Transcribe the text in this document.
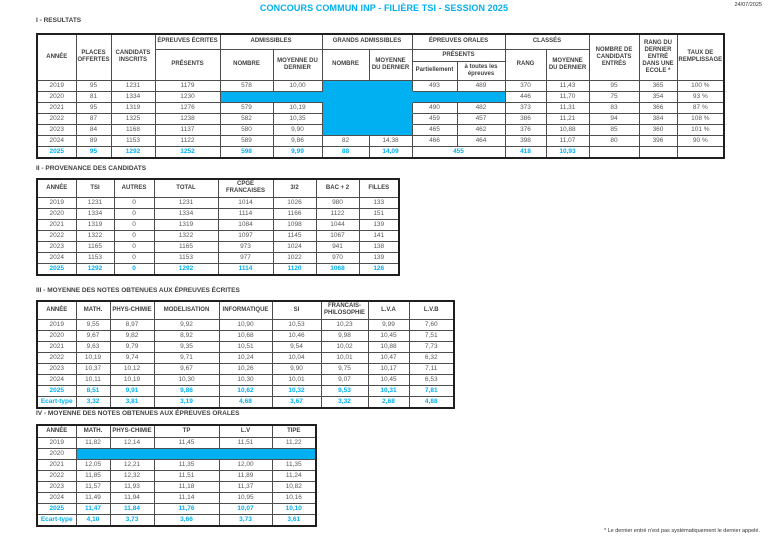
CONCOURS COMMUN INP - FILIÈRE TSI - SESSION 2025	24/07/2025
I - RESULTATS
ANNÉE	PLACES OFFERTES	CANDIDATS INSCRITS	ÉPREUVES ÉCRITES	ADMISSIBLES		GRANDS ADMISSIBLES		ÉPREUVES ORALES		CLASSÉS		NOMBRE DE CANDIDATS ENTRÉS	RANG DU DERNIER ENTRÉ DANS UNE ECOLE *	TAUX DE REMPLISSAGE
			PRÉSENTS	NOMBRE	MOYENNE DU DERNIER	NOMBRE	MOYENNE DU DERNIER	PRÉSENTS		RANG	MOYENNE DU DERNIER			
								Partiellement	à toutes les épreuves					
2019	95	1231	1179	578	10,00			493	489	370	11,43	95	365	100 %
2020	81	1334	1230							446	11,70	75	354	93 %
2021	95	1319	1276	579	10,19			490	482	373	11,31	83	366	87 %
2022	87	1325	1238	582	10,35			459	457	386	11,21	94	384	108 %
2023	84	1168	1137	580	9,90			465	462	376	10,88	85	360	101 %
2024	89	1153	1122	589	9,86	82	14,38	466	464	398	11,07	80	396	90 %
2025	95	1292	1252	598	9,99	88	14,09	455		418	10,93			
II - PROVENANCE DES CANDIDATS
ANNÉE	TSI	AUTRES	TOTAL	CPGE FRANCAISES	3/2	BAC + 2	FILLES
2019	1231	0	1231	1014	1026	980	133
2020	1334	0	1334	1114	1166	1122	151
2021	1319	0	1319	1084	1098	1044	139
2022	1322	0	1322	1097	1145	1067	141
2023	1165	0	1165	973	1024	941	138
2024	1153	0	1153	977	1022	970	139
2025	1292	0	1292	1114	1120	1068	126
III - MOYENNE DES NOTES OBTENUES AUX ÉPREUVES ÉCRITES
ANNÉE	MATH.	PHYS-CHIMIE	MODELISATION	INFORMATIQUE	SI	FRANCAIS- PHILOSOPHIE	L.V.A	L.V.B
2019	9,55	8,97	9,92	10,90	10,53	10,23	9,99	7,60
2020	9,67	9,82	8,92	10,68	10,46	9,98	10,45	7,51
2021	9,63	9,79	9,35	10,51	9,54	10,02	10,88	7,73
2022	10,19	9,74	9,71	10,24	10,04	10,01	10,47	6,32
2023	10,37	10,12	9,67	10,26	9,90	9,75	10,17	7,11
2024	10,11	10,19	10,30	10,30	10,01	9,07	10,45	6,53
2025	8,51	9,91	9,86	10,62	10,32	9,53	10,31	7,81
Ecart-type	3,32	3,81	3,19	4,68	3,67	3,32	2,68	4,88
IV - MOYENNE DES NOTES OBTENUES AUX ÉPREUVES ORALES
ANNÉE	MATH.	PHYS-CHIMIE	TP	L.V	TIPE
2019	11,82	12,14	11,45	11,51	11,22
2020					
2021	12,05	12,21	11,35	12,00	11,35
2022	11,85	12,32	11,51	11,89	11,24
2023	11,57	11,93	11,18	11,37	10,82
2024	11,49	11,94	11,14	10,95	10,16
2025	11,47	11,84	11,76	10,07	10,10
Ecart-type	4,10	3,73	3,66	3,73	3,61
* Le dernier entré n'est pas systématiquement le dernier appelé.
